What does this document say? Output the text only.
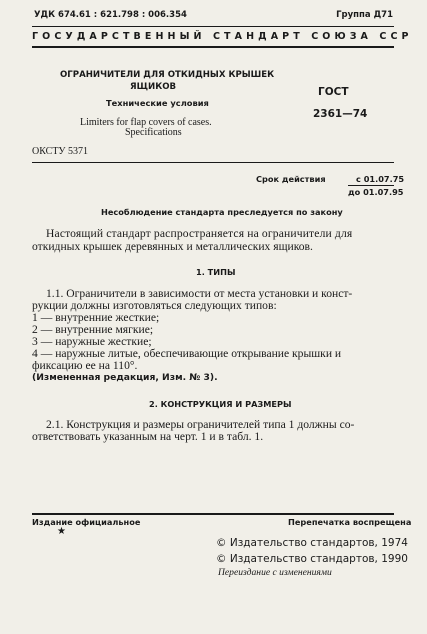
УДК 674.61 : 621.798 : 006.354	Группа Д71
ГОСУДАРСТВЕННЫЙ СТАНДАРТ СОЮЗА ССР
ОГРАНИЧИТЕЛИ ДЛЯ ОТКИДНЫХ КРЫШЕК
ЯЩИКОВ
Технические условия
Limiters for flap covers of cases.
Specifications
ГОСТ
2361—74
ОКСТУ 5371
Срок действия	с 01.07.75
до 01.07.95
Несоблюдение стандарта преследуется по закону
Настоящий стандарт распространяется на ограничители для
откидных крышек деревянных и металлических ящиков.
1. ТИПЫ
1.1. Ограничители в зависимости от места установки и конст-
рукции должны изготовляться следующих типов:
1 — внутренние жесткие;
2 — внутренние мягкие;
3 — наружные жесткие;
4 — наружные литые, обеспечивающие открывание крышки и
фиксацию ее на 110°.
(Измененная редакция, Изм. № 3).
2. КОНСТРУКЦИЯ И РАЗМЕРЫ
2.1. Конструкция и размеры ограничителей типа 1 должны со-
ответствовать указанным на черт. 1 и в табл. 1.
Издание официальное	Перепечатка воспрещена
★
© Издательство стандартов, 1974
© Издательство стандартов, 1990
Переиздание с изменениями
